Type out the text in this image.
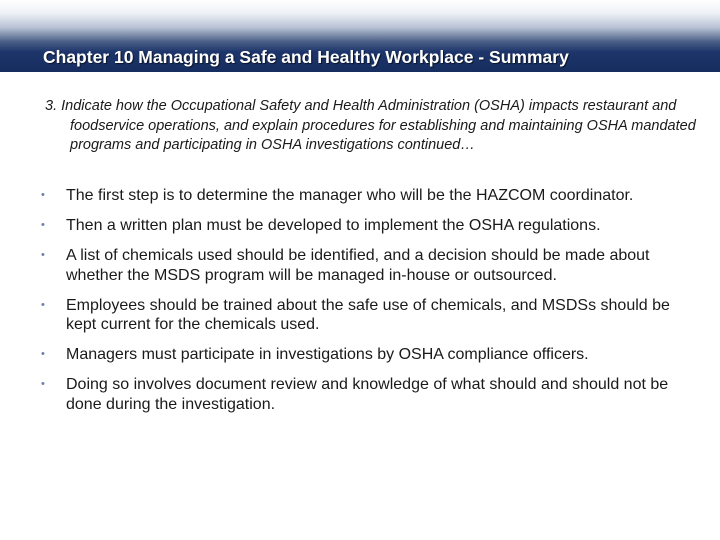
Chapter 10 Managing a Safe and Healthy Workplace - Summary

3. Indicate how the Occupational Safety and Health Administration (OSHA) impacts restaurant and foodservice operations, and explain procedures for establishing and maintaining OSHA mandated programs and participating in OSHA investigations continued…

• The first step is to determine the manager who will be the HAZCOM coordinator.
• Then a written plan must be developed to implement the OSHA regulations.
• A list of chemicals used should be identified, and a decision should be made about whether the MSDS program will be managed in-house or outsourced.
• Employees should be trained about the safe use of chemicals, and MSDSs should be kept current for the chemicals used.
• Managers must participate in investigations by OSHA compliance officers.
• Doing so involves document review and knowledge of what should and should not be done during the investigation.
